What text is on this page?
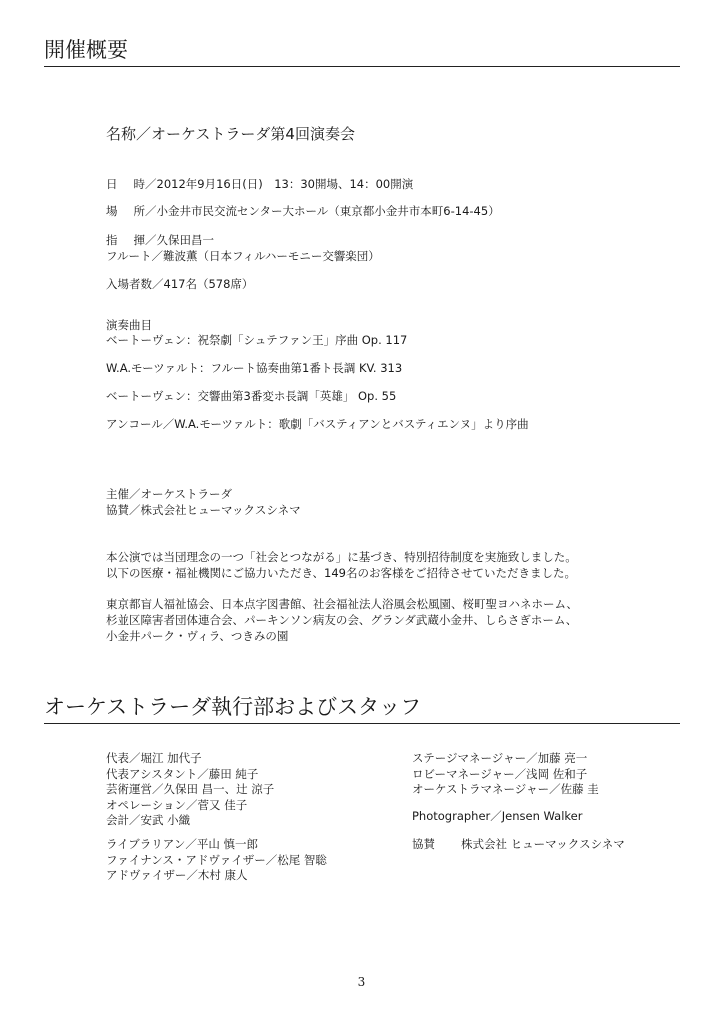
開催概要
名称／オーケストラーダ第4回演奏会
日 時／2012年9月16日(日)　13：30開場、14：00開演
場 所／小金井市民交流センター大ホール（東京都小金井市本町6-14-45）
指 揮／久保田昌一
フルート／難波薫（日本フィルハーモニー交響楽団）
入場者数／417名（578席）
演奏曲目
ベートーヴェン：祝祭劇「シュテファン王」序曲 Op. 117
W.A.モーツァルト：フルート協奏曲第1番ト長調 KV. 313
ベートーヴェン：交響曲第3番変ホ長調「英雄」 Op. 55
アンコール／W.A.モーツァルト：歌劇「バスティアンとバスティエンヌ」より序曲
主催／オーケストラーダ
協賛／株式会社ヒューマックスシネマ
本公演では当団理念の一つ「社会とつながる」に基づき、特別招待制度を実施致しました。
以下の医療・福祉機関にご協力いただき、149名のお客様をご招待させていただきました。
東京都盲人福祉協会、日本点字図書館、社会福祉法人浴風会松風園、桜町聖ヨハネホーム、
杉並区障害者団体連合会、パーキンソン病友の会、グランダ武蔵小金井、しらさぎホーム、
小金井パーク・ヴィラ、つきみの園
オーケストラーダ執行部およびスタッフ
代表／堀江 加代子
代表アシスタント／藤田 純子
芸術運営／久保田 昌一、辻 涼子
オペレーション／菅又 佳子
会計／安武 小織
ライブラリアン／平山 慎一郎
ファイナンス・アドヴァイザー／松尾 智聡
アドヴァイザー／木村 康人
ステージマネージャー／加藤 亮一
ロビーマネージャー／浅岡 佐和子
オーケストラマネージャー／佐藤 圭
Photographer／Jensen Walker
協賛 株式会社 ヒューマックスシネマ
3
